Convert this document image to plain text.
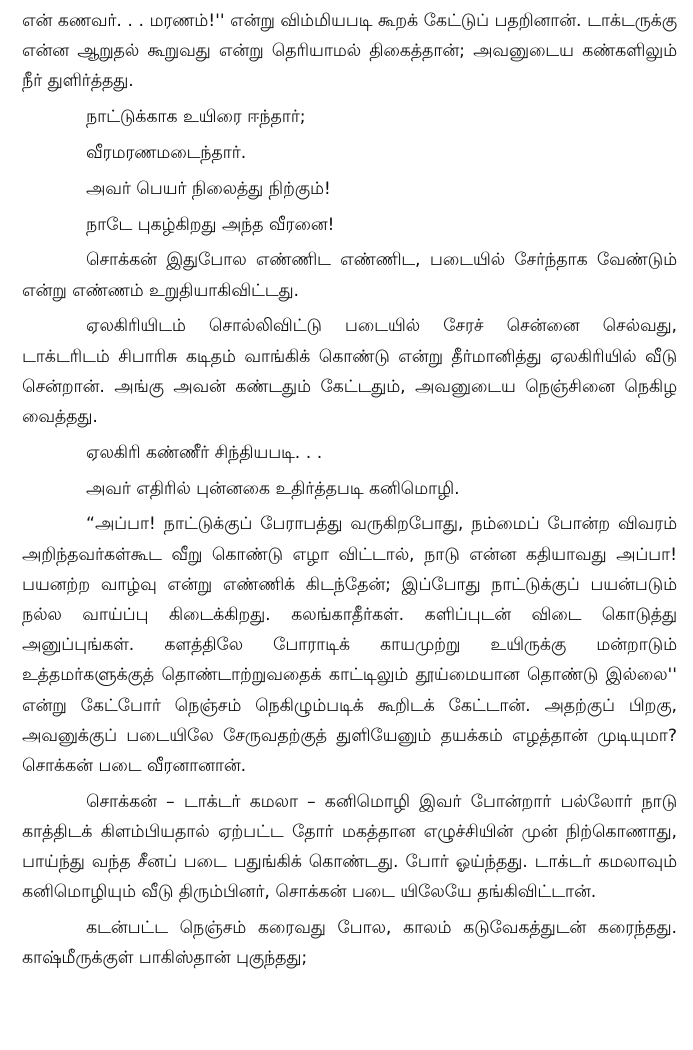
என் கணவர். . . மரணம்!'' என்று விம்மியபடி கூறக் கேட்டுப் பதறினான். டாக்டருக்கு என்ன ஆறுதல் கூறுவது என்று தெரியாமல் திகைத்தான்; அவனுடைய கண்களிலும் நீர் துளிர்த்தது.

நாட்டுக்காக உயிரை ஈந்தார்;

வீரமரணமடைந்தார்.

அவர் பெயர் நிலைத்து நிற்கும்!

நாடே புகழ்கிறது அந்த வீரனை!

சொக்கன் இதுபோல எண்ணிட எண்ணிட, படையில் சேர்ந்தாக வேண்டும் என்று எண்ணம் உறுதியாகிவிட்டது.

ஏலகிரியிடம் சொல்லிவிட்டு படையில் சேரச் சென்னை செல்வது, டாக்டரிடம் சிபாரிசு கடிதம் வாங்கிக் கொண்டு என்று தீர்மானித்து ஏலகிரியில் வீடு சென்றான். அங்கு அவன் கண்டதும் கேட்டதும், அவனுடைய நெஞ்சினை நெகிழ வைத்தது.

ஏலகிரி கண்ணீர் சிந்தியபடி. . .

அவர் எதிரில் புன்னகை உதிர்த்தபடி கனிமொழி.

“அப்பா! நாட்டுக்குப் பேராபத்து வருகிறபோது, நம்மைப் போன்ற விவரம் அறிந்தவர்கள்கூட வீறு கொண்டு எழா விட்டால், நாடு என்ன கதியாவது அப்பா! பயனற்ற வாழ்வு என்று எண்ணிக் கிடந்தேன்; இப்போது நாட்டுக்குப் பயன்படும் நல்ல வாய்ப்பு கிடைக்கிறது. கலங்காதீர்கள். களிப்புடன் விடை கொடுத்து அனுப்புங்கள். களத்திலே போராடிக் காயமுற்று உயிருக்கு மன்றாடும் உத்தமர்களுக்குத் தொண்டாற்றுவதைக் காட்டிலும் தூய்மையான தொண்டு இல்லை'' என்று கேட்போர் நெஞ்சம் நெகிழும்படிக் கூறிடக் கேட்டான். அதற்குப் பிறகு, அவனுக்குப் படையிலே சேருவதற்குத் துளியேனும் தயக்கம் எழத்தான் முடியுமா? சொக்கன் படை வீரனானான்.

சொக்கன் – டாக்டர் கமலா – கனிமொழி இவர் போன்றார் பல்லோர் நாடு காத்திடக் கிளம்பியதால் ஏற்பட்ட தோர் மகத்தான எழுச்சியின் முன் நிற்கொணாது, பாய்ந்து வந்த சீனப் படை பதுங்கிக் கொண்டது. போர் ஓய்ந்தது. டாக்டர் கமலாவும் கனிமொழியும் வீடு திரும்பினர், சொக்கன் படை யிலேயே தங்கிவிட்டான்.

கடன்பட்ட நெஞ்சம் கரைவது போல, காலம் கடுவேகத்துடன் கரைந்தது. காஷ்மீருக்குள் பாகிஸ்தான் புகுந்தது;
